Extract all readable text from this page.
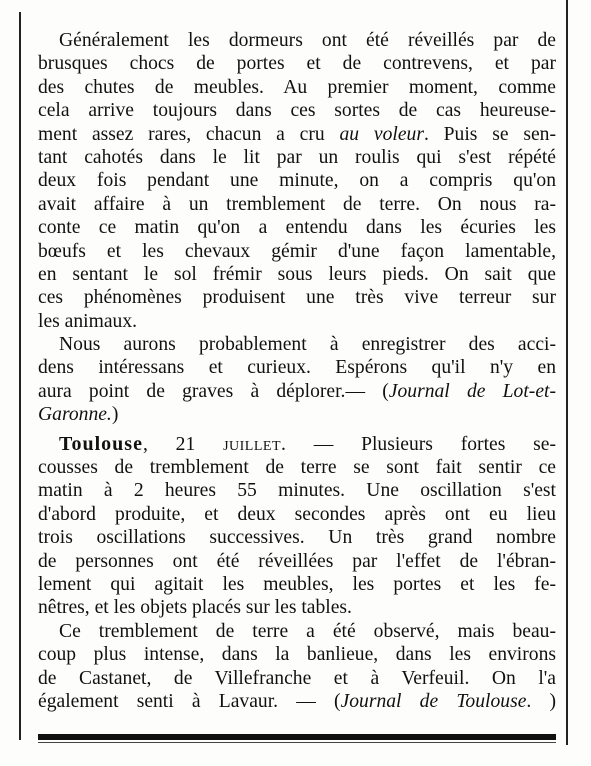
Généralement les dormeurs ont été réveillés par de
brusques chocs de portes et de contrevens, et par
des chutes de meubles. Au premier moment, comme
cela arrive toujours dans ces sortes de cas heureuse-
ment assez rares, chacun a cru au voleur. Puis se sen-
tant cahotés dans le lit par un roulis qui s'est répété
deux fois pendant une minute, on a compris qu'on
avait affaire à un tremblement de terre. On nous ra-
conte ce matin qu'on a entendu dans les écuries les
bœufs et les chevaux gémir d'une façon lamentable,
en sentant le sol frémir sous leurs pieds. On sait que
ces phénomènes produisent une très vive terreur sur
les animaux.
Nous aurons probablement à enregistrer des acci-
dens intéressans et curieux. Espérons qu'il n'y en
aura point de graves à déplorer.— (Journal de Lot-et-
Garonne.)
Toulouse, 21 JUILLET. — Plusieurs fortes se-
cousses de tremblement de terre se sont fait sentir ce
matin à 2 heures 55 minutes. Une oscillation s'est
d'abord produite, et deux secondes après ont eu lieu
trois oscillations successives. Un très grand nombre
de personnes ont été réveillées par l'effet de l'ébran-
lement qui agitait les meubles, les portes et les fe-
nêtres, et les objets placés sur les tables.
Ce tremblement de terre a été observé, mais beau-
coup plus intense, dans la banlieue, dans les environs
de Castanet, de Villefranche et à Verfeuil. On l'a
également senti à Lavaur. — (Journal de Toulouse. )
